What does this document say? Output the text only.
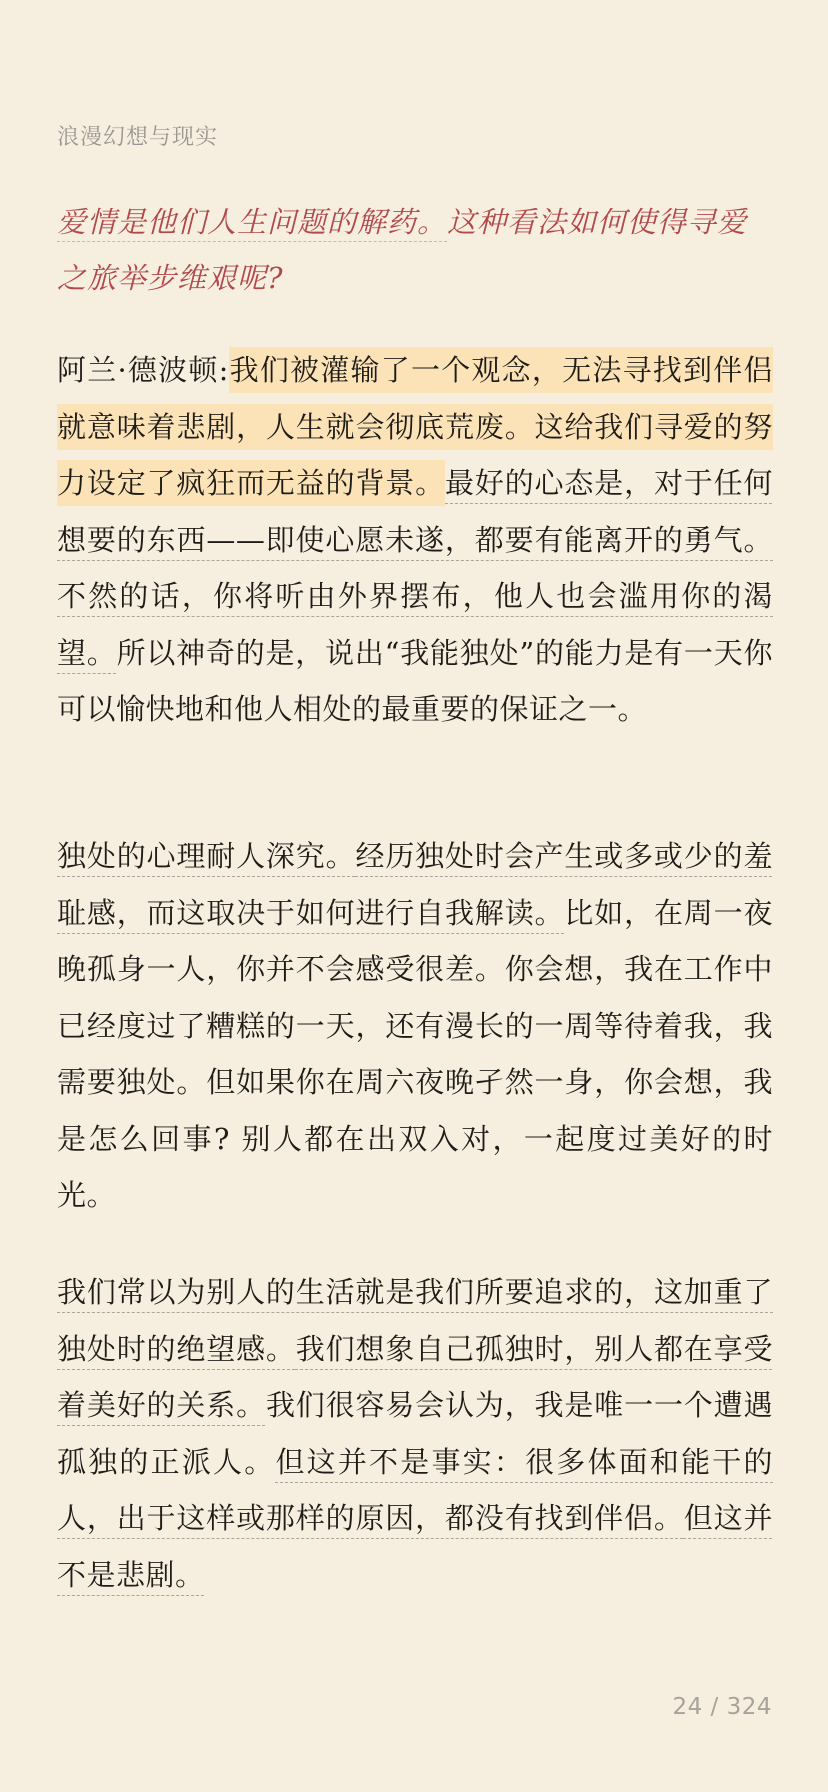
浪漫幻想与现实
爱情是他们人生问题的解药。这种看法如何使得寻爱之旅举步维艰呢?
阿兰·德波顿:我们被灌输了一个观念，无法寻找到伴侣就意味着悲剧，人生就会彻底荒废。这给我们寻爱的努力设定了疯狂而无益的背景。最好的心态是，对于任何想要的东西——即使心愿未遂，都要有能离开的勇气。不然的话，你将听由外界摆布，他人也会滥用你的渴望。所以神奇的是，说出“我能独处”的能力是有一天你可以愉快地和他人相处的最重要的保证之一。
独处的心理耐人深究。经历独处时会产生或多或少的羞耻感，而这取决于如何进行自我解读。比如，在周一夜晚孤身一人，你并不会感受很差。你会想，我在工作中已经度过了糟糕的一天，还有漫长的一周等待着我，我需要独处。但如果你在周六夜晚孑然一身，你会想，我是怎么回事? 别人都在出双入对，一起度过美好的时光。
我们常以为别人的生活就是我们所要追求的，这加重了独处时的绝望感。我们想象自己孤独时，别人都在享受着美好的关系。我们很容易会认为，我是唯一一个遭遇孤独的正派人。但这并不是事实：很多体面和能干的人，出于这样或那样的原因，都没有找到伴侣。但这并不是悲剧。
24 / 324
